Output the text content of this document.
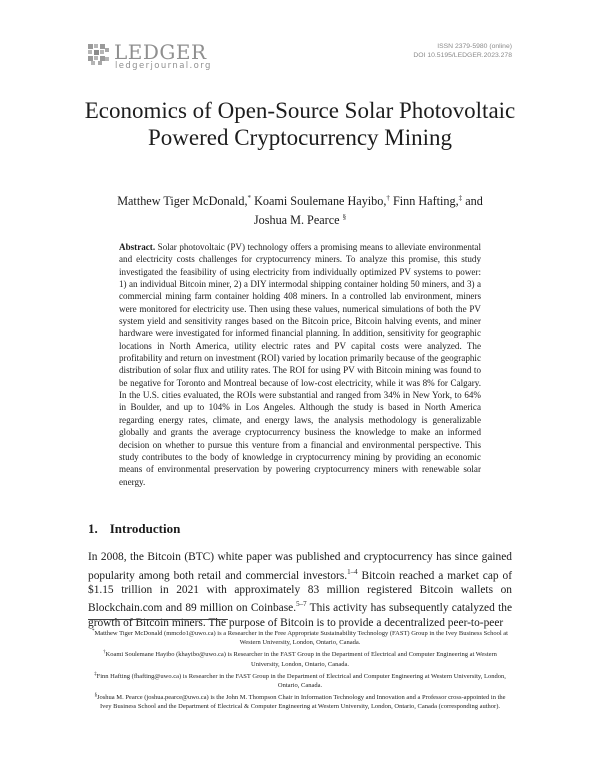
LEDGER
ledgerjournal.org
ISSN 2379-5980 (online)
DOI 10.5195/LEDGER.2023.278
Economics of Open-Source Solar Photovoltaic Powered Cryptocurrency Mining
Matthew Tiger McDonald,* Koami Soulemane Hayibo,† Finn Hafting,‡ and
Joshua M. Pearce §
Abstract. Solar photovoltaic (PV) technology offers a promising means to alleviate environmental and electricity costs challenges for cryptocurrency miners. To analyze this promise, this study investigated the feasibility of using electricity from individually optimized PV systems to power: 1) an individual Bitcoin miner, 2) a DIY intermodal shipping container holding 50 miners, and 3) a commercial mining farm container holding 408 miners. In a controlled lab environment, miners were monitored for electricity use. Then using these values, numerical simulations of both the PV system yield and sensitivity ranges based on the Bitcoin price, Bitcoin halving events, and miner hardware were investigated for informed financial planning. In addition, sensitivity for geographic locations in North America, utility electric rates and PV capital costs were analyzed. The profitability and return on investment (ROI) varied by location primarily because of the geographic distribution of solar flux and utility rates. The ROI for using PV with Bitcoin mining was found to be negative for Toronto and Montreal because of low-cost electricity, while it was 8% for Calgary. In the U.S. cities evaluated, the ROIs were substantial and ranged from 34% in New York, to 64% in Boulder, and up to 104% in Los Angeles. Although the study is based in North America regarding energy rates, climate, and energy laws, the analysis methodology is generalizable globally and grants the average cryptocurrency business the knowledge to make an informed decision on whether to pursue this venture from a financial and environmental perspective. This study contributes to the body of knowledge in cryptocurrency mining by providing an economic means of environmental preservation by powering cryptocurrency miners with renewable solar energy.
1. Introduction
In 2008, the Bitcoin (BTC) white paper was published and cryptocurrency has since gained popularity among both retail and commercial investors.$^{1-4}$ Bitcoin reached a market cap of $1.15 trillion in 2021 with approximately 83 million registered Bitcoin wallets on Blockchain.com and 89 million on Coinbase.$^{5-7}$ This activity has subsequently catalyzed the growth of Bitcoin miners. The purpose of Bitcoin is to provide a decentralized peer-to-peer
*Matthew Tiger McDonald (mmcdo1@uwo.ca) is a Researcher in the Free Appropriate Sustainability Technology (FAST) Group in the Ivey Business School at Western University, London, Ontario, Canada.
†Koami Soulemane Hayibo (khayibo@uwo.ca) is Researcher in the FAST Group in the Department of Electrical and Computer Engineering at Western University, London, Ontario, Canada.
‡Finn Hafting (fhafting@uwo.ca) is Researcher in the FAST Group in the Department of Electrical and Computer Engineering at Western University, London, Ontario, Canada.
§Joshua M. Pearce (joshua.pearce@uwo.ca) is the John M. Thompson Chair in Information Technology and Innovation and a Professor cross-appointed in the Ivey Business School and the Department of Electrical & Computer Engineering at Western University, London, Ontario, Canada (corresponding author).
